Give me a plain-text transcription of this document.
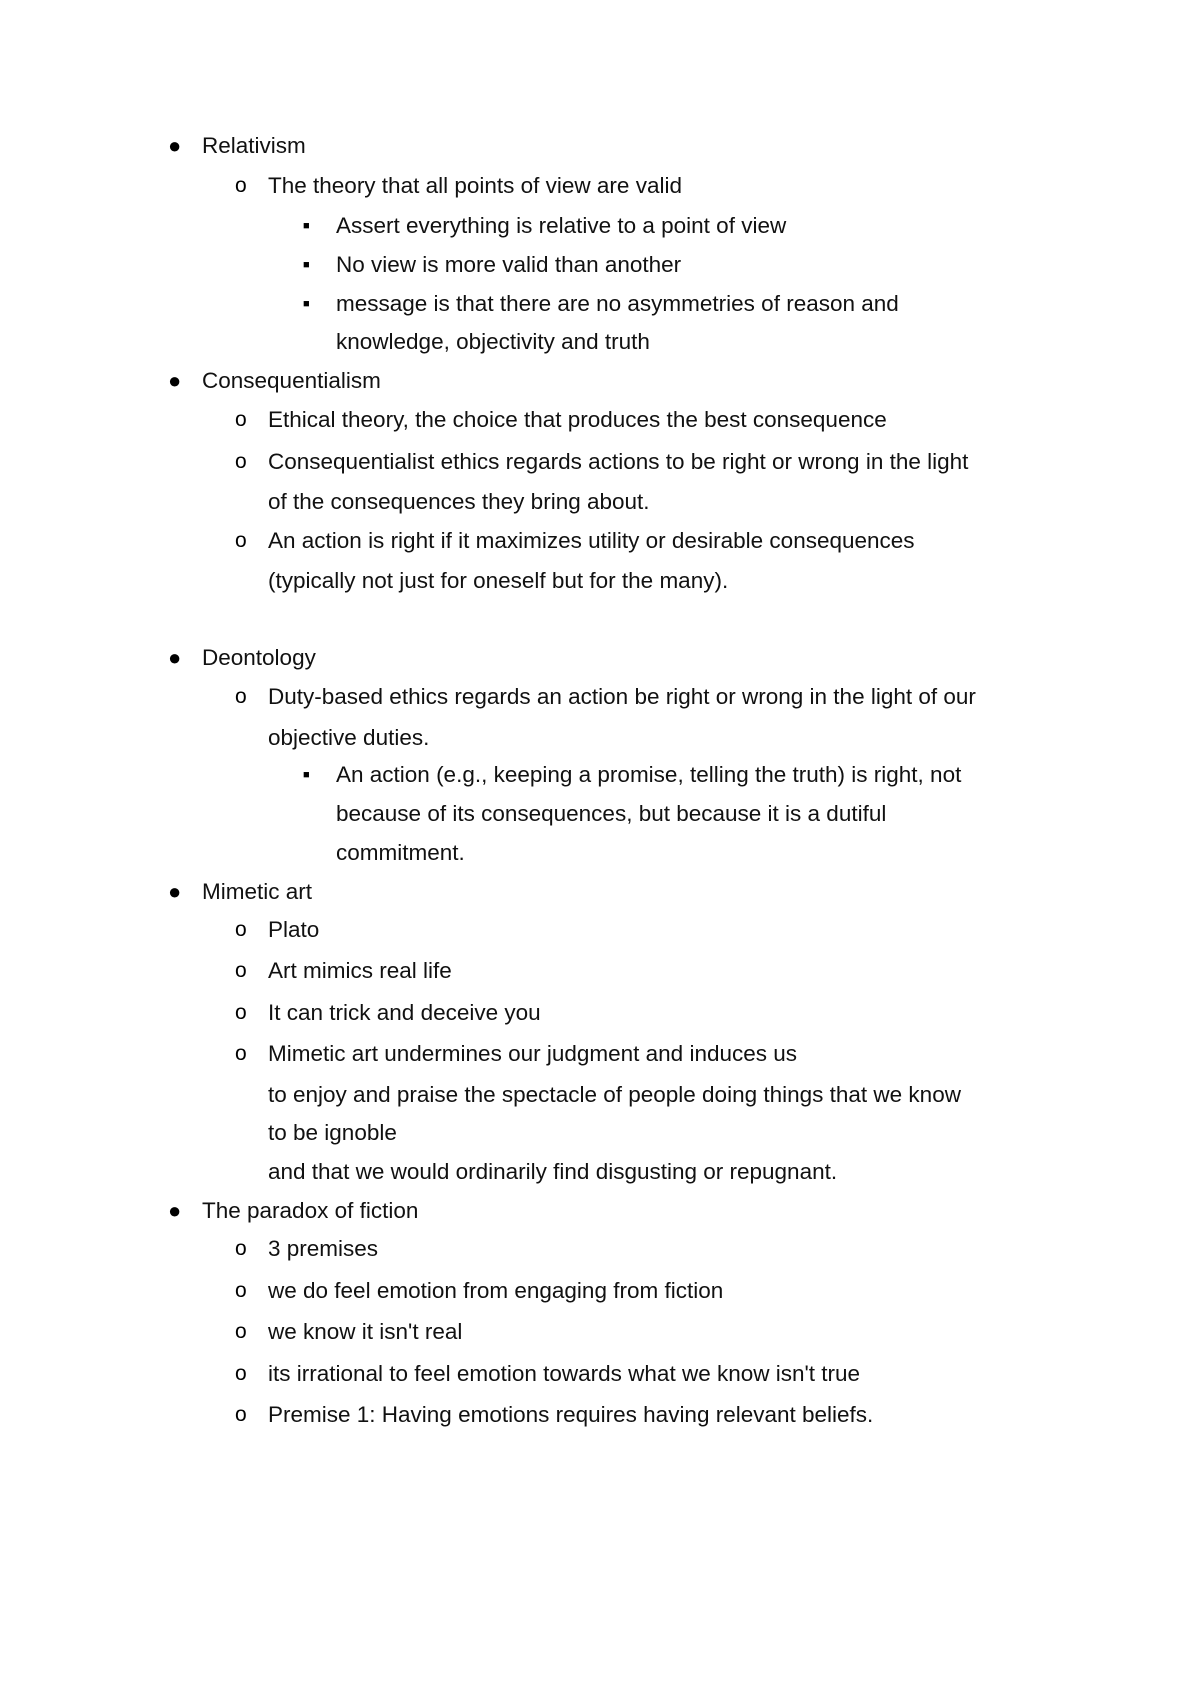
● Relativism
o The theory that all points of view are valid
■ Assert everything is relative to a point of view
■ No view is more valid than another
■ message is that there are no asymmetries of reason and
knowledge, objectivity and truth
● Consequentialism
o Ethical theory, the choice that produces the best consequence
o Consequentialist ethics regards actions to be right or wrong in the light
of the consequences they bring about.
o An action is right if it maximizes utility or desirable consequences
(typically not just for oneself but for the many).
● Deontology
o Duty-based ethics regards an action be right or wrong in the light of our
objective duties.
■ An action (e.g., keeping a promise, telling the truth) is right, not
because of its consequences, but because it is a dutiful
commitment.
● Mimetic art
o Plato
o Art mimics real life
o It can trick and deceive you
o Mimetic art undermines our judgment and induces us
to enjoy and praise the spectacle of people doing things that we know
to be ignoble
and that we would ordinarily find disgusting or repugnant.
● The paradox of fiction
o 3 premises
o we do feel emotion from engaging from fiction
o we know it isn't real
o its irrational to feel emotion towards what we know isn't true
o Premise 1: Having emotions requires having relevant beliefs.
